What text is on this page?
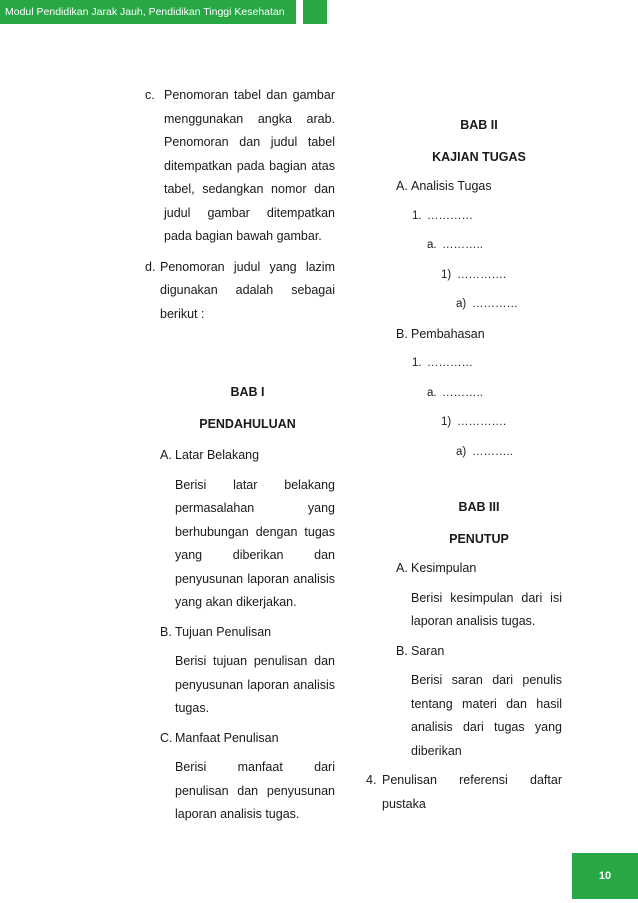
Modul Pendidikan Jarak Jauh, Pendidikan Tinggi Kesehatan
c. Penomoran tabel dan gambar menggunakan angka arab. Penomoran dan judul tabel ditempatkan pada bagian atas tabel, sedangkan nomor dan judul gambar ditempatkan pada bagian bawah gambar.
d. Penomoran judul yang lazim digunakan adalah sebagai berikut :
BAB I
PENDAHULUAN
A. Latar Belakang
Berisi latar belakang permasalahan yang berhubungan dengan tugas yang diberikan dan penyusunan laporan analisis yang akan dikerjakan.
B. Tujuan Penulisan
Berisi tujuan penulisan dan penyusunan laporan analisis tugas.
C. Manfaat Penulisan
Berisi manfaat dari penulisan dan penyusunan laporan analisis tugas.
BAB II
KAJIAN TUGAS
A. Analisis Tugas
1. …………
a. ………..
1) ………….
a) …………
B. Pembahasan
1. …………
a. ………..
1) ………….
a) ………..
BAB III
PENUTUP
A. Kesimpulan
Berisi kesimpulan dari isi laporan analisis tugas.
B. Saran
Berisi saran dari penulis tentang materi dan hasil analisis dari tugas yang diberikan
4. Penulisan referensi daftar pustaka
10
